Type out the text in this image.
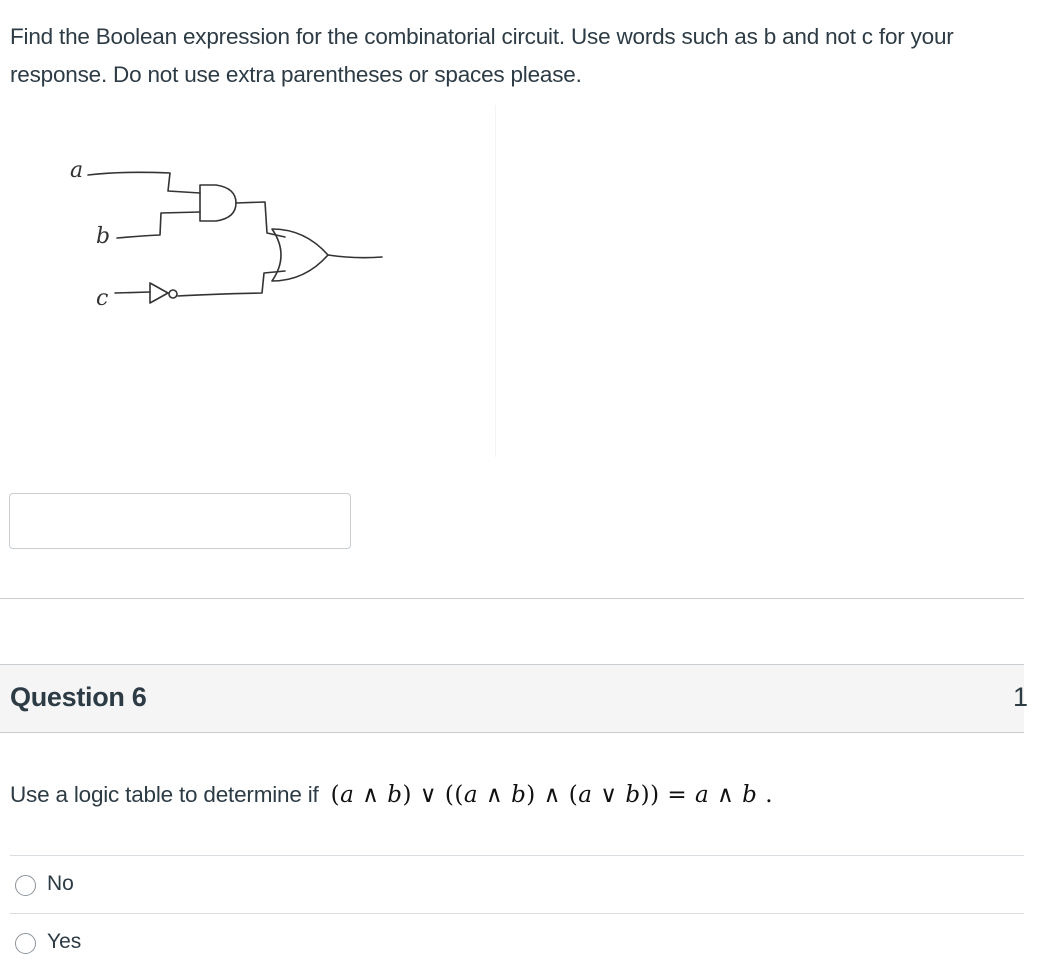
Find the Boolean expression for the combinatorial circuit. Use words such as b and not c for your response. Do not use extra parentheses or spaces please.
a
b
c
Question 6	1
Use a logic table to determine if (a ∧ b) ∨ ((a ∧ b) ∧ (a ∨ b)) = a ∧ b .
No
Yes
